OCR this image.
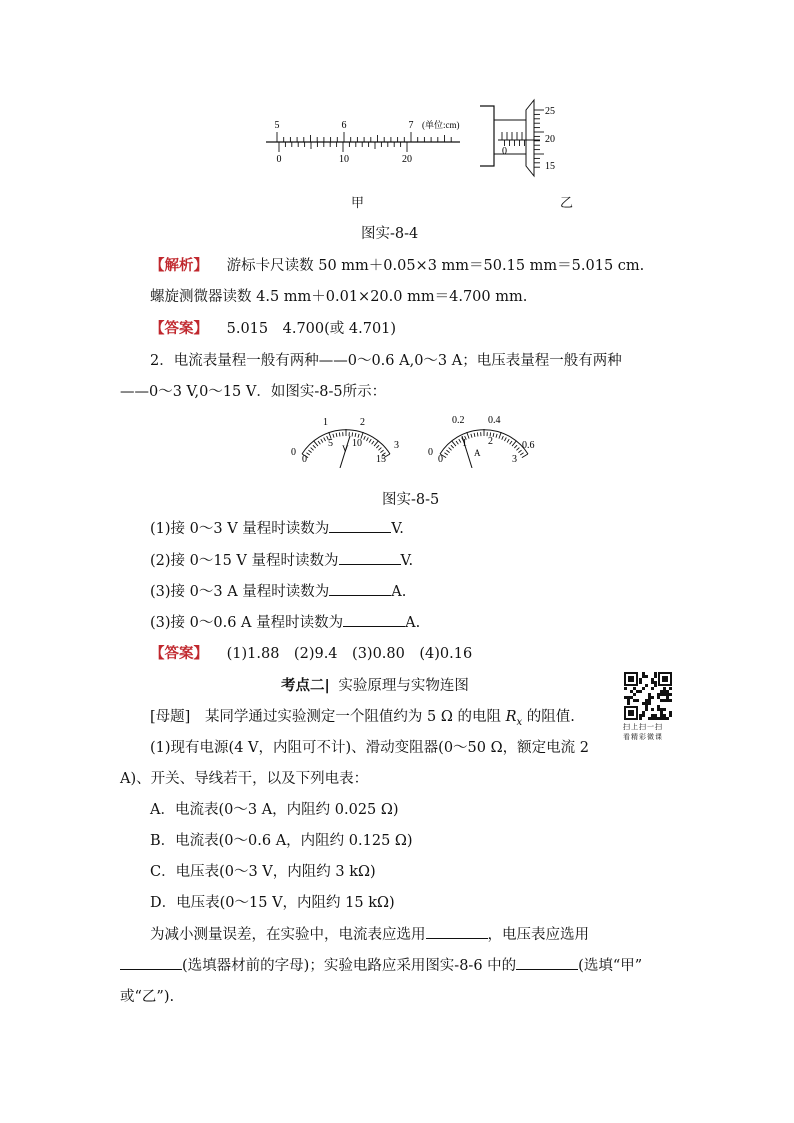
5	6	7 (单位:cm)
0	10	20
0
25
20
15
甲	乙
图实-8-4
【解析】 游标卡尺读数 50 mm＋0.05×3 mm＝50.15 mm＝5.015 cm.
螺旋测微器读数 4.5 mm＋0.01×20.0 mm＝4.700 mm.
【答案】 5.015　4.700(或 4.701)
2．电流表量程一般有两种——0～0.6 A,0～3 A；电压表量程一般有两种
——0～3 V,0～15 V．如图实-8-5所示：
0
1	2
3
0
5 V 10
15
0
0.2 0.4
0.6
0
1
A
2
3
图实-8-5
(1)接 0～3 V 量程时读数为	V.
(2)接 0～15 V 量程时读数为	V.
(3)接 0～3 A 量程时读数为	A.
(3)接 0～0.6 A 量程时读数为	A.
【答案】 (1)1.88　(2)9.4　(3)0.80　(4)0.16
考点二| 实验原理与实物连图
扫上扫一扫
看精彩微课
[母题] 某同学通过实验测定一个阻值约为 5 Ω 的电阻 $R_x$ 的阻值.
(1)现有电源(4 V，内阻可不计)、滑动变阻器(0～50 Ω，额定电流 2
A)、开关、导线若干，以及下列电表：
A．电流表(0～3 A，内阻约 0.025 Ω)
B．电流表(0～0.6 A，内阻约 0.125 Ω)
C．电压表(0～3 V，内阻约 3 kΩ)
D．电压表(0～15 V，内阻约 15 kΩ)
为减小测量误差，在实验中，电流表应选用	，电压表应选用
(选填器材前的字母)；实验电路应采用图实-8-6 中的	(选填“甲”
或“乙”).
